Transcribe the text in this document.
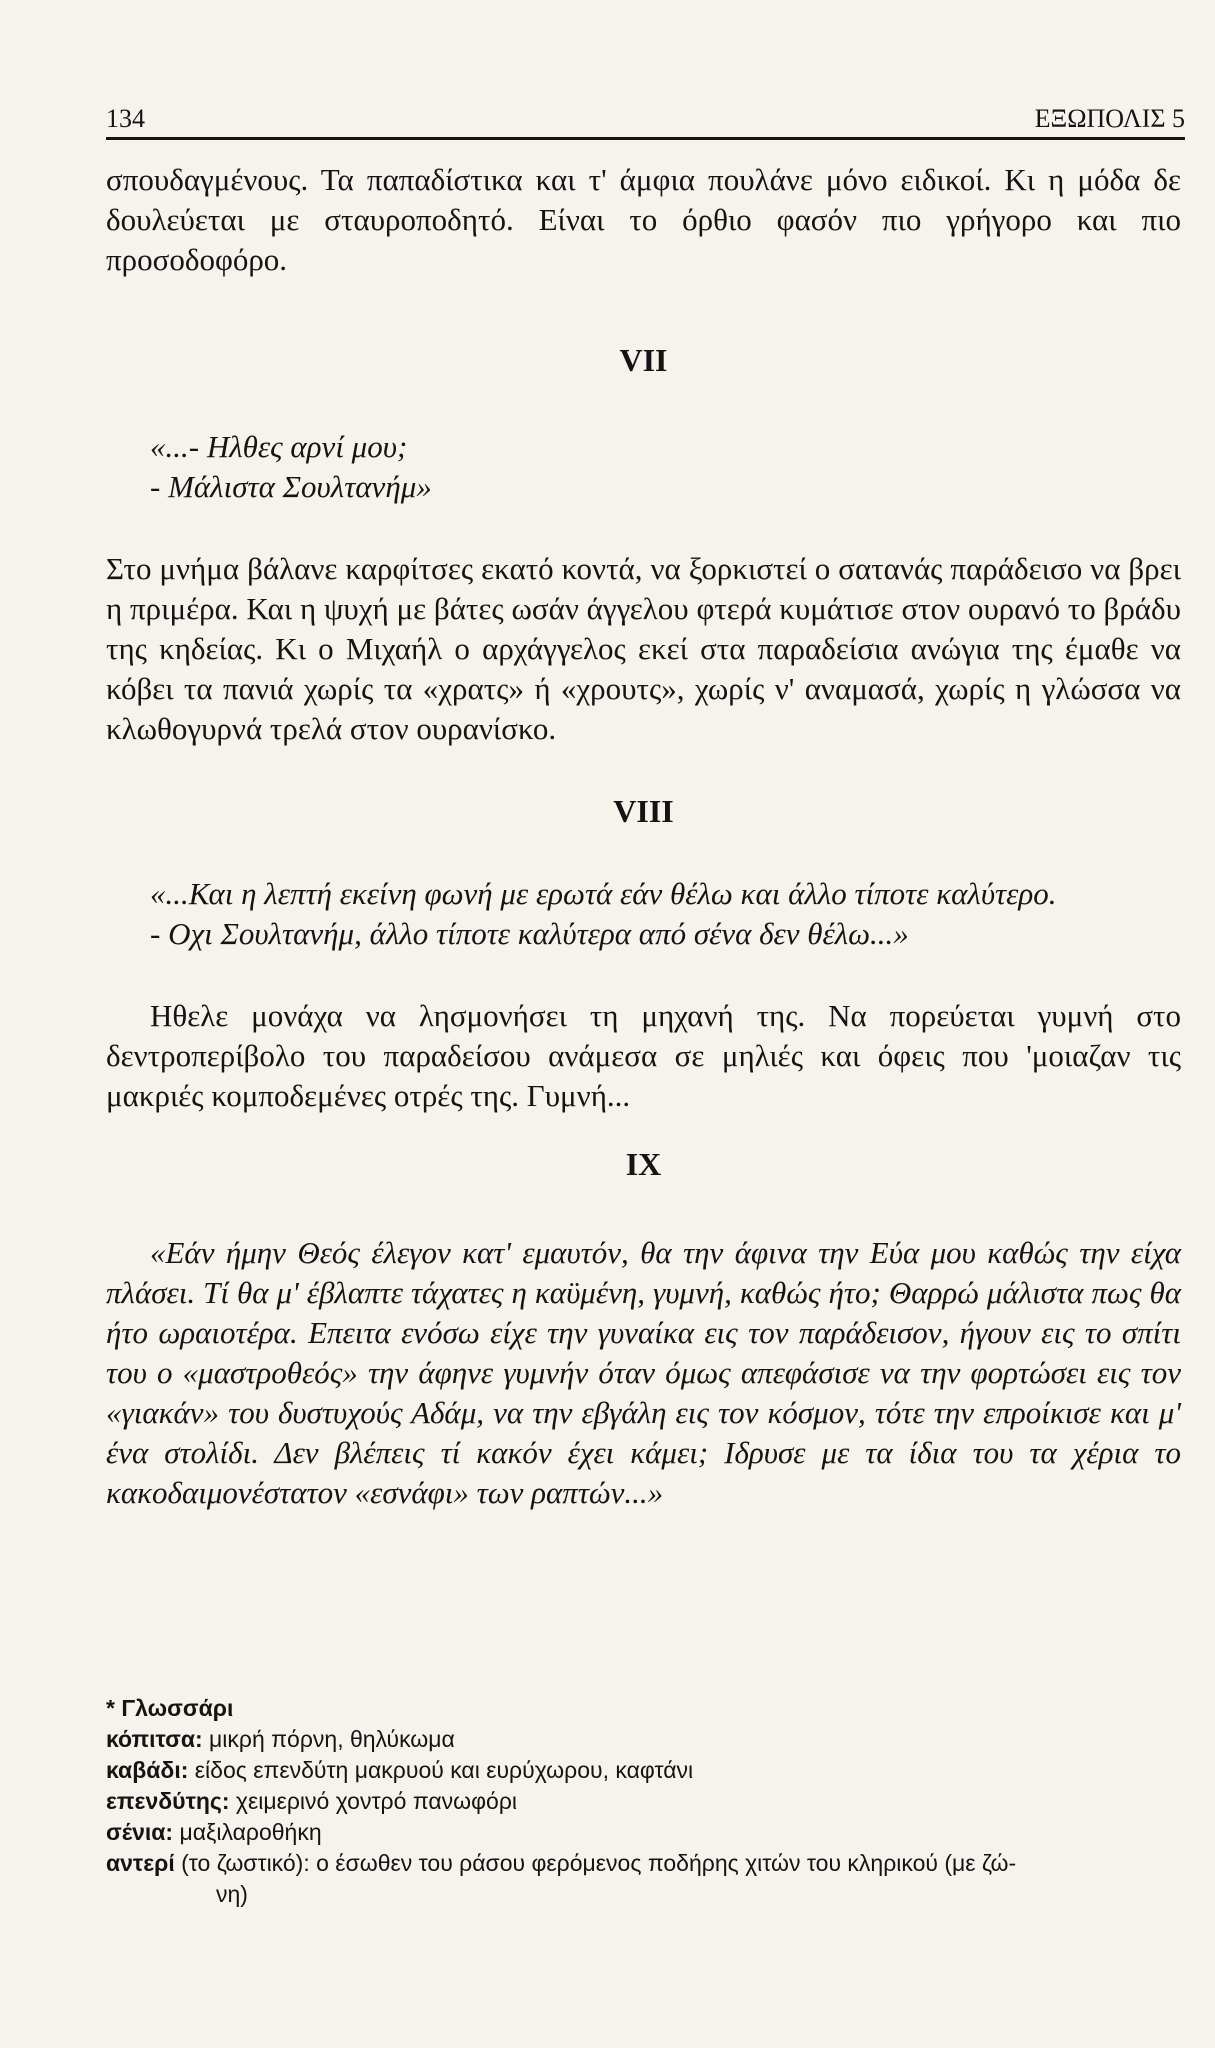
134	ΕΞΩΠΟΛΙΣ 5

σπουδαγμένους. Τα παπαδίστικα και τ' άμφια πουλάνε μόνο ειδικοί. Κι η μόδα δε δουλεύεται με σταυροποδητό. Είναι το όρθιο φασόν πιο γρήγορο και πιο προσοδοφόρο.

VII

«...- Ηλθες αρνί μου;
- Μάλιστα Σουλτανήμ»

Στο μνήμα βάλανε καρφίτσες εκατό κοντά, να ξορκιστεί ο σατανάς παράδεισο να βρει η πριμέρα. Και η ψυχή με βάτες ωσάν άγγελου φτερά κυμάτισε στον ουρανό το βράδυ της κηδείας. Κι ο Μιχαήλ ο αρχάγγελος εκεί στα παραδείσια ανώγια της έμαθε να κόβει τα πανιά χωρίς τα «χρατς» ή «χρουτς», χωρίς ν' αναμασά, χωρίς η γλώσσα να κλωθογυρνά τρελά στον ουρανίσκο.

VIII

«...Και η λεπτή εκείνη φωνή με ερωτά εάν θέλω και άλλο τίποτε καλύτερο.
- Οχι Σουλτανήμ, άλλο τίποτε καλύτερα από σένα δεν θέλω...»

Ηθελε μονάχα να λησμονήσει τη μηχανή της. Να πορεύεται γυμνή στο δεντροπερίβολο του παραδείσου ανάμεσα σε μηλιές και όφεις που 'μοιαζαν τις μακριές κομποδεμένες οτρές της. Γυμνή...

IX

«Εάν ήμην Θεός έλεγον κατ' εμαυτόν, θα την άφινα την Εύα μου καθώς την είχα πλάσει. Τί θα μ' έβλαπτε τάχατες η καϋμένη, γυμνή, καθώς ήτο; Θαρρώ μάλιστα πως θα ήτο ωραιοτέρα. Επειτα ενόσω είχε την γυναίκα εις τον παράδεισον, ήγουν εις το σπίτι του ο «μαστροθεός» την άφηνε γυμνήν όταν όμως απεφάσισε να την φορτώσει εις τον «γιακάν» του δυστυχούς Αδάμ, να την εβγάλη εις τον κόσμον, τότε την επροίκισε και μ' ένα στολίδι. Δεν βλέπεις τί κακόν έχει κάμει; Ιδρυσε με τα ίδια του τα χέρια το κακοδαιμονέστατον «εσνάφι» των ραπτών...»

* Γλωσσάρι
κόπιτσα: μικρή πόρνη, θηλύκωμα
καβάδι: είδος επενδύτη μακρυού και ευρύχωρου, καφτάνι
επενδύτης: χειμερινό χοντρό πανωφόρι
σένια: μαξιλαροθήκη
αντερί (το ζωστικό): ο έσωθεν του ράσου φερόμενος ποδήρης χιτών του κληρικού (με ζώ-
νη)
